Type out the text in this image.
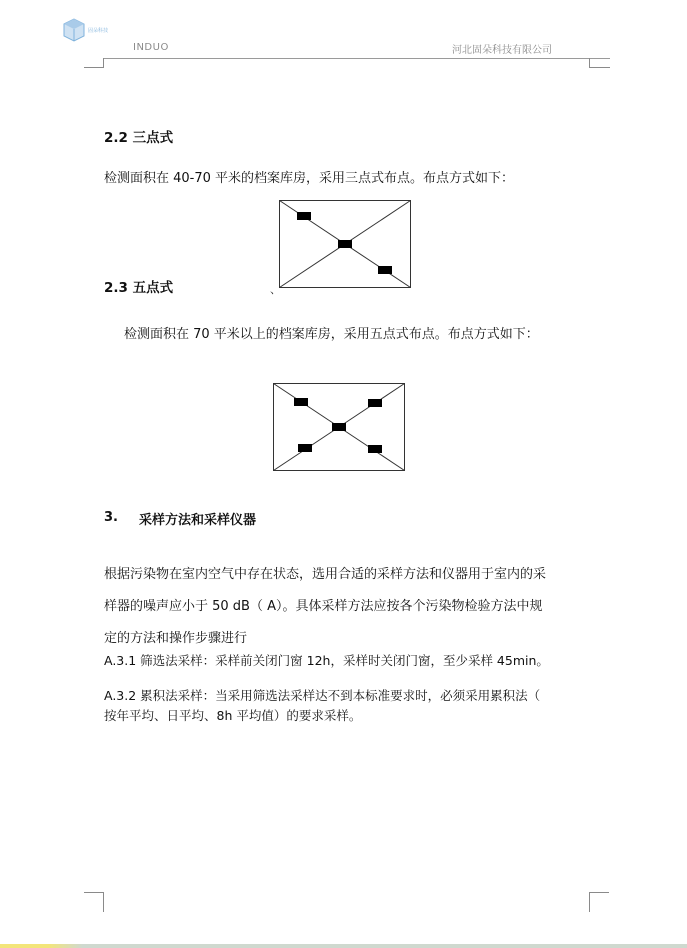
固朵科技
INDUO	河北固朵科技有限公司
2.2 三点式
检测面积在 40-70 平米的档案库房，采用三点式布点。布点方式如下：
2.3 五点式	、
检测面积在 70 平米以上的档案库房，采用五点式布点。布点方式如下：
3. 采样方法和采样仪器
根据污染物在室内空气中存在状态，选用合适的采样方法和仪器用于室内的采
样器的噪声应小于 50 dB（ A）。具体采样方法应按各个污染物检验方法中规
定的方法和操作步骤进行
A.3.1 筛选法采样：采样前关闭门窗 12h，采样时关闭门窗，至少采样 45min。
A.3.2 累积法采样：当采用筛选法采样达不到本标准要求时，必须采用累积法（
按年平均、日平均、8h 平均值）的要求采样。
